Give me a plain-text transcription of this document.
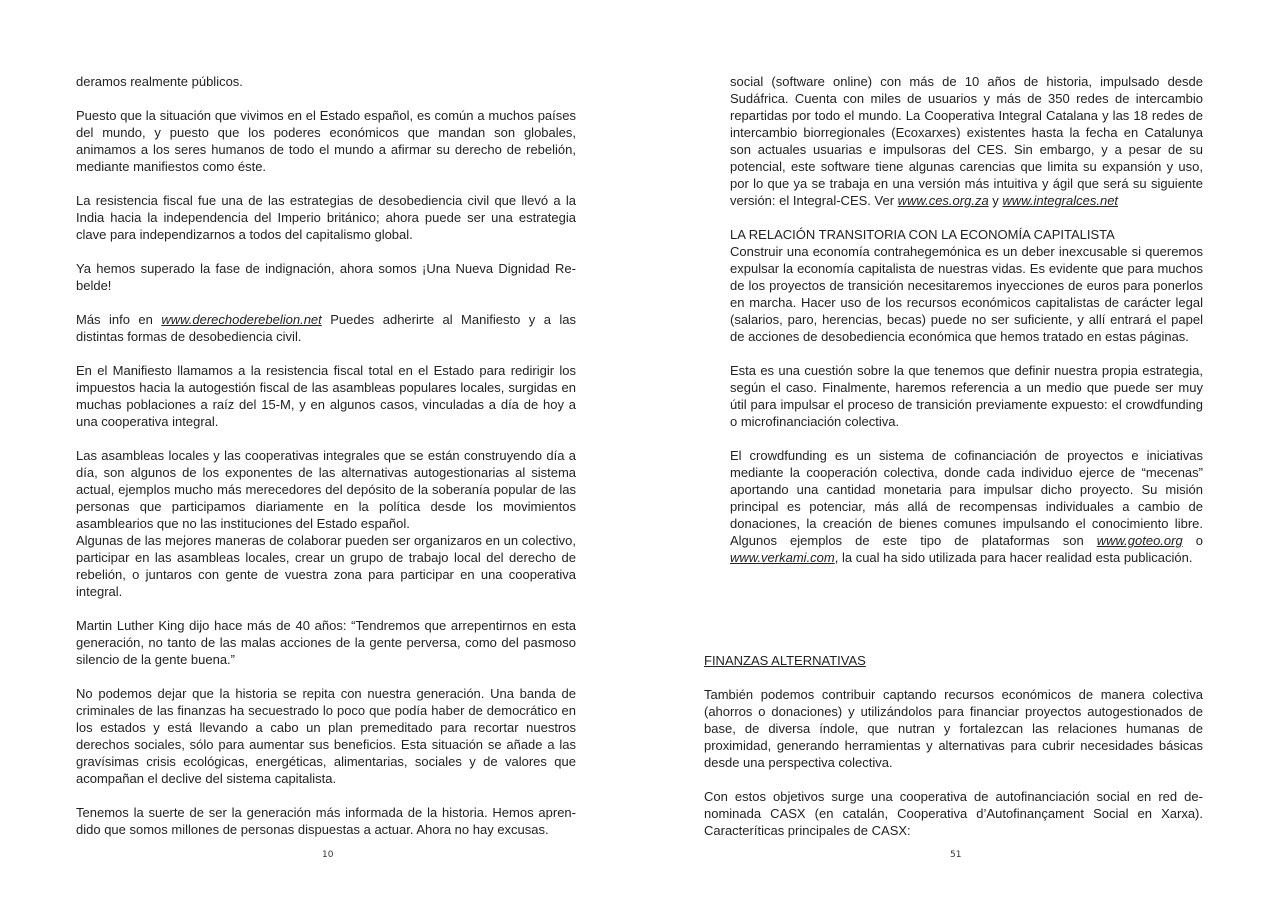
deramos realmente públicos.

Puesto que la situación que vivimos en el Estado español, es común a muchos países del mundo, y puesto que los poderes económicos que mandan son globales, animamos a los seres humanos de todo el mundo a afirmar su derecho de rebelión, mediante manifiestos como éste.

La resistencia fiscal fue una de las estrategias de desobediencia civil que llevó a la India hacia la independencia del Imperio británico; ahora puede ser una estrategia clave para independizarnos a todos del capitalismo global.

Ya hemos superado la fase de indignación, ahora somos ¡Una Nueva Dignidad Rebelde!

Más info en www.derechoderebelion.net Puedes adherirte al Manifiesto y a las distintas formas de desobediencia civil.

En el Manifiesto llamamos a la resistencia fiscal total en el Estado para redirigir los impuestos hacia la autogestión fiscal de las asambleas populares locales, surgidas en muchas poblaciones a raíz del 15-M, y en algunos casos, vinculadas a día de hoy a una cooperativa integral.

Las asambleas locales y las cooperativas integrales que se están construyendo día a día, son algunos de los exponentes de las alternativas autogestionarias al sistema actual, ejemplos mucho más merecedores del depósito de la soberanía popular de las personas que participamos diariamente en la política desde los movimientos asamblearios que no las instituciones del Estado español.

Algunas de las mejores maneras de colaborar pueden ser organizaros en un colectivo, participar en las asambleas locales, crear un grupo de trabajo local del derecho de rebelión, o juntaros con gente de vuestra zona para participar en una cooperativa integral.

Martin Luther King dijo hace más de 40 años: “Tendremos que arrepentirnos en esta generación, no tanto de las malas acciones de la gente perversa, como del pasmoso silencio de la gente buena.”

No podemos dejar que la historia se repita con nuestra generación. Una banda de criminales de las finanzas ha secuestrado lo poco que podía haber de democrático en los estados y está llevando a cabo un plan premeditado para recortar nuestros derechos sociales, sólo para aumentar sus beneficios. Esta situación se añade a las gravísimas crisis ecológicas, energéticas, alimentarias, sociales y de valores que acompañan el declive del sistema capitalista.

Tenemos la suerte de ser la generación más informada de la historia. Hemos aprendido que somos millones de personas dispuestas a actuar. Ahora no hay excusas.

10

social (software online) con más de 10 años de historia, impulsado desde Sudáfrica. Cuenta con miles de usuarios y más de 350 redes de intercambio repartidas por todo el mundo. La Cooperativa Integral Catalana y las 18 redes de intercambio biorregionales (Ecoxarxes) existentes hasta la fecha en Catalunya son actuales usuarias e impulsoras del CES. Sin embargo, y a pesar de su potencial, este software tiene algunas carencias que limita su expansión y uso, por lo que ya se trabaja en una versión más intuitiva y ágil que será su siguiente versión: el Integral-CES. Ver www.ces.org.za y www.integralces.net

LA RELACIÓN TRANSITORIA CON LA ECONOMÍA CAPITALISTA

Construir una economía contrahegemónica es un deber inexcusable si queremos expulsar la economía capitalista de nuestras vidas. Es evidente que para muchos de los proyectos de transición necesitaremos inyecciones de euros para ponerlos en marcha. Hacer uso de los recursos económicos capitalistas de carácter legal (salarios, paro, herencias, becas) puede no ser suficiente, y allí entrará el papel de acciones de desobediencia económica que hemos tratado en estas páginas.

Esta es una cuestión sobre la que tenemos que definir nuestra propia estrategia, según el caso. Finalmente, haremos referencia a un medio que puede ser muy útil para impulsar el proceso de transición previamente expuesto: el crowdfunding o microfinanciación colectiva.

El crowdfunding es un sistema de cofinanciación de proyectos e iniciativas mediante la cooperación colectiva, donde cada individuo ejerce de “mecenas” aportando una cantidad monetaria para impulsar dicho proyecto. Su misión principal es potenciar, más allá de recompensas individuales a cambio de donaciones, la creación de bienes comunes impulsando el conocimiento libre. Algunos ejemplos de este tipo de plataformas son www.goteo.org o www.verkami.com, la cual ha sido utilizada para hacer realidad esta publicación.

FINANZAS ALTERNATIVAS

También podemos contribuir captando recursos económicos de manera colectiva (ahorros o donaciones) y utilizándolos para financiar proyectos autogestionados de base, de diversa índole, que nutran y fortalezcan las relaciones humanas de proximidad, generando herramientas y alternativas para cubrir necesidades básicas desde una perspectiva colectiva.

Con estos objetivos surge una cooperativa de autofinanciación social en red denominada CASX (en catalán, Cooperativa d’Autofinançament Social en Xarxa). Caracteríticas principales de CASX:

51
